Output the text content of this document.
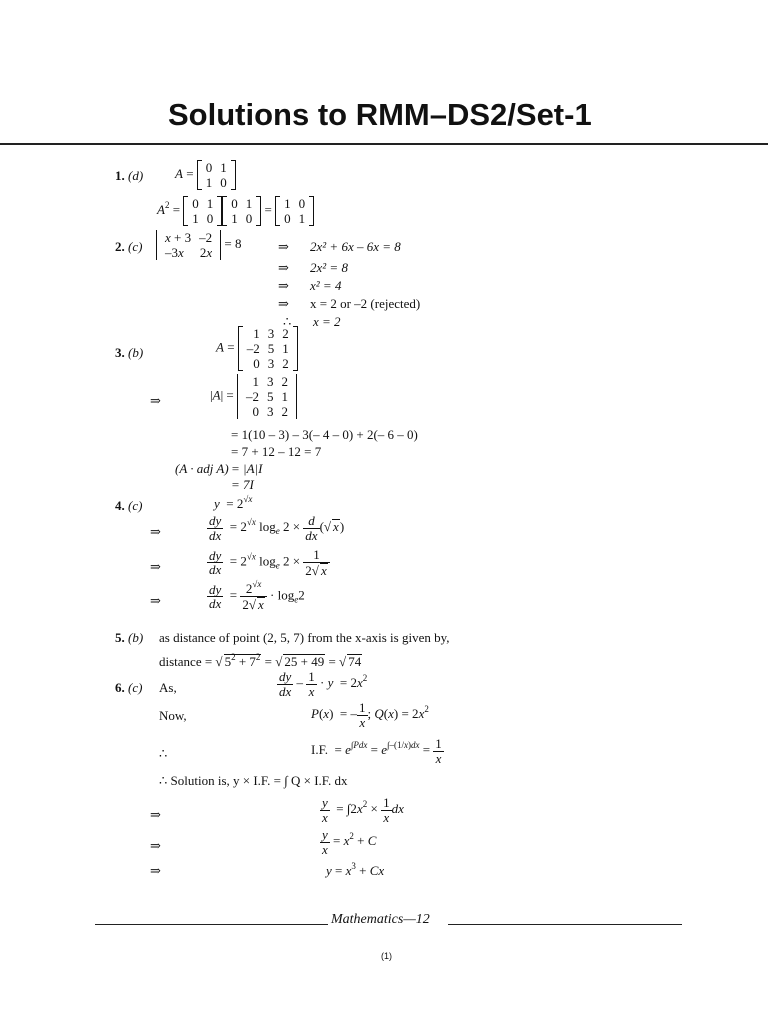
Solutions to RMM–DS2/Set-1
1. (d) A = 0	1
1	0
$A^2 = 0$	1
1	0
0	1
1	0
= 1	0
0	1
2. (c)
x + 3	–2
–3x	2x
= 8	⇒ 2x² + 6x – 6x = 8
⇒ 2x² = 8
⇒ x² = 4
⇒ x = 2 or –2 (rejected)
∴ x = 2
3. (b)	A =
1	3	2
–2	5	1
0	3	2
⇒	|A| =
1	3	2
–2	5	1
0	3	2
= 1(10 – 3) – 3(– 4 – 0) + 2(– 6 – 0)
= 7 + 12 – 12 = 7
(A · adj A) = |A|I
= 7I
4. (c)	$y = 2^{√x}$
⇒	$\frac{dy}{dx} = 2^{√x}$ $\log_e 2 \times \frac{d}{dx}$ (√ x)
⇒	$\frac{dy}{dx} = 2^{√x}$ $\log_e 2 \times \frac{1}{2√ x}$
⇒	$\frac{dy}{dx} = \frac{2^{√x}}{2√ x} \cdot \log_e2$
5. (b) as distance of point (2, 5, 7) from the x-axis is given by,
distance = √ $5^2 + 7^2$ = √ 25 + 49 = √ 74
6. (c) As,	$\frac{dy}{dx} - \frac{1}{x} \cdot y = 2x^2$
Now,	P(x)  = – $\frac{1}{x}$ ; $Q(x) = 2x^2$
∴	I.F.  = $e^{\int Pdx} = e^{\int-(1/x)dx} = \frac{1}{x}$
∴ Solution is, y × I.F. = ∫ Q × I.F. dx
⇒	$\frac{y}{x} = \int 2x^2 \times \frac{1}{x}$ dx
⇒	$\frac{y}{x} = x^2 + C$
⇒	$y = x^3 + Cx$
Mathematics—12
(1)
